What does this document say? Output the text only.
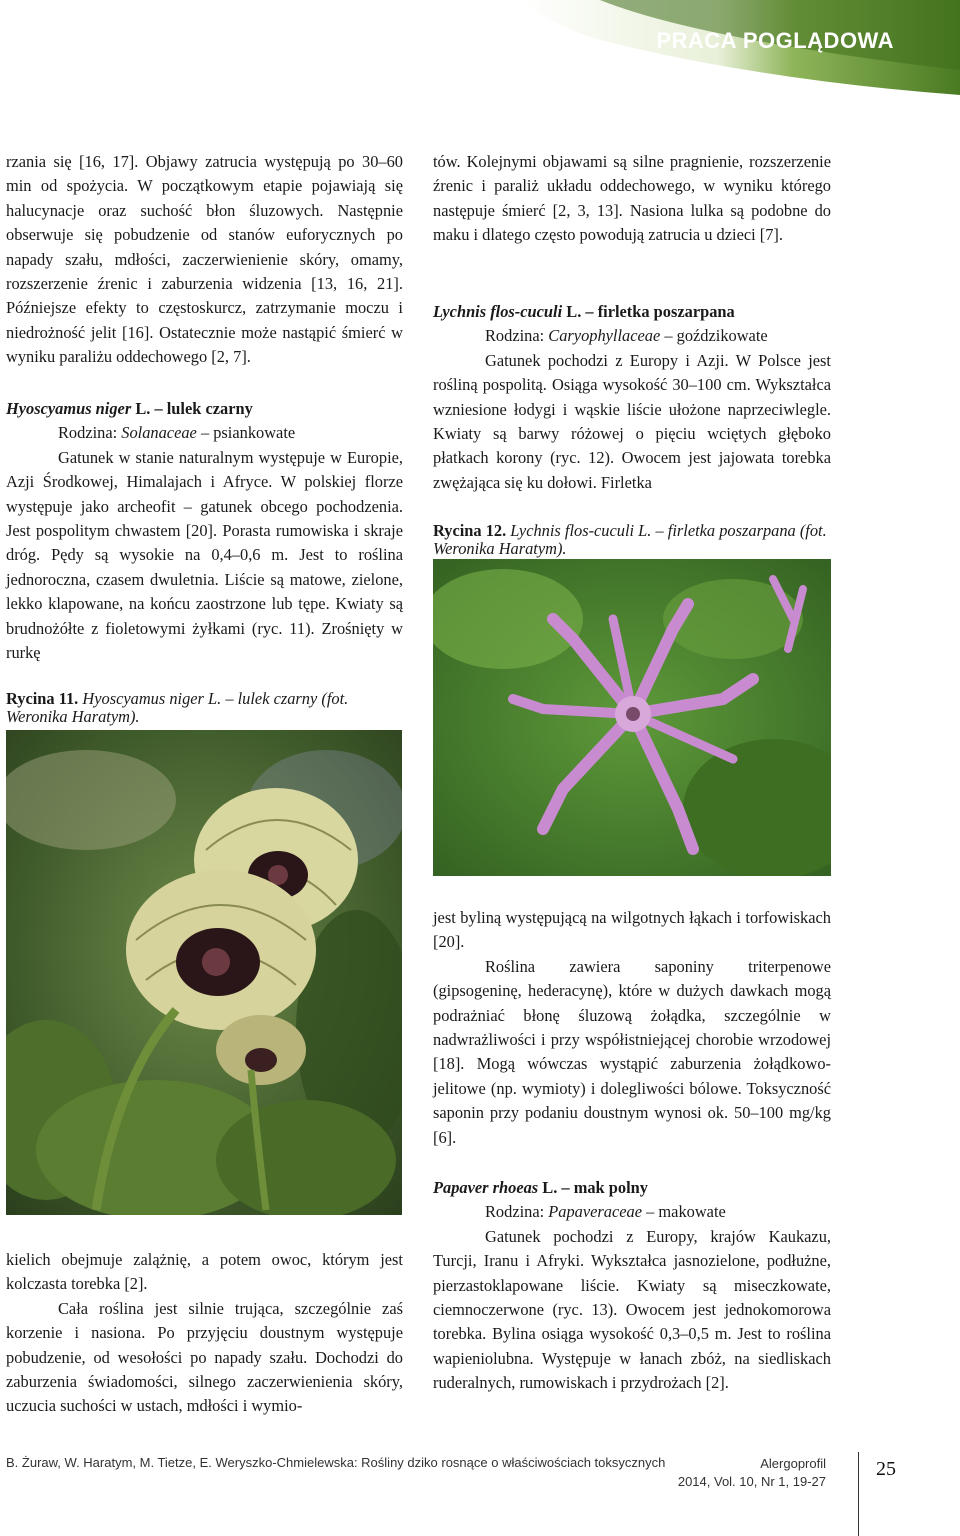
PRACA POGLĄDOWA

rzania się [16, 17]. Objawy zatrucia występują po 30–60 min od spożycia. W początkowym etapie pojawiają się halucynacje oraz suchość błon śluzowych. Następnie obserwuje się pobudzenie od stanów euforycznych po napady szału, mdłości, zaczerwienienie skóry, omamy, rozszerzenie źrenic i zaburzenia widzenia [13, 16, 21]. Późniejsze efekty to częstoskurcz, zatrzymanie moczu i niedrożność jelit [16]. Ostatecznie może nastąpić śmierć w wyniku paraliżu oddechowego [2, 7].

Hyoscyamus niger L. – lulek czarny

Rodzina: Solanaceae – psiankowate

Gatunek w stanie naturalnym występuje w Europie, Azji Środkowej, Himalajach i Afryce. W polskiej florze występuje jako archeofit – gatunek obcego pochodzenia. Jest pospolitym chwastem [20]. Porasta rumowiska i skraje dróg. Pędy są wysokie na 0,4–0,6 m. Jest to roślina jednoroczna, czasem dwuletnia. Liście są matowe, zielone, lekko klapowane, na końcu zaostrzone lub tępe. Kwiaty są brudnożółte z fioletowymi żyłkami (ryc. 11). Zrośnięty w rurkę

Rycina 11. Hyoscyamus niger L. – lulek czarny (fot. Weronika Haratym).

kielich obejmuje zalążnię, a potem owoc, którym jest kolczasta torebka [2].

Cała roślina jest silnie trująca, szczególnie zaś korzenie i nasiona. Po przyjęciu doustnym występuje pobudzenie, od wesołości po napady szału. Dochodzi do zaburzenia świadomości, silnego zaczerwienienia skóry, uczucia suchości w ustach, mdłości i wymio-

tów. Kolejnymi objawami są silne pragnienie, rozszerzenie źrenic i paraliż układu oddechowego, w wyniku którego następuje śmierć [2, 3, 13]. Nasiona lulka są podobne do maku i dlatego często powodują zatrucia u dzieci [7].

Lychnis flos-cuculi L. – firletka poszarpana

Rodzina: Caryophyllaceae – goździkowate

Gatunek pochodzi z Europy i Azji. W Polsce jest rośliną pospolitą. Osiąga wysokość 30–100 cm. Wykształca wzniesione łodygi i wąskie liście ułożone naprzeciwlegle. Kwiaty są barwy różowej o pięciu wciętych głęboko płatkach korony (ryc. 12). Owocem jest jajowata torebka zwężająca się ku dołowi. Firletka

Rycina 12. Lychnis flos-cuculi L. – firletka poszarpana (fot. Weronika Haratym).

jest byliną występującą na wilgotnych łąkach i torfowiskach [20].

Roślina zawiera saponiny triterpenowe (gipsogeninę, hederacynę), które w dużych dawkach mogą podrażniać błonę śluzową żołądka, szczególnie w nadwrażliwości i przy współistniejącej chorobie wrzodowej [18]. Mogą wówczas wystąpić zaburzenia żołądkowo-jelitowe (np. wymioty) i dolegliwości bólowe. Toksyczność saponin przy podaniu doustnym wynosi ok. 50–100 mg/kg [6].

Papaver rhoeas L. – mak polny

Rodzina: Papaveraceae – makowate

Gatunek pochodzi z Europy, krajów Kaukazu, Turcji, Iranu i Afryki. Wykształca jasnozielone, podłużne, pierzastoklapowane liście. Kwiaty są miseczkowate, ciemnoczerwone (ryc. 13). Owocem jest jednokomorowa torebka. Bylina osiąga wysokość 0,3–0,5 m. Jest to roślina wapieniolubna. Występuje w łanach zbóż, na siedliskach ruderalnych, rumowiskach i przydrożach [2].

B. Żuraw, W. Haratym, M. Tietze, E. Weryszko-Chmielewska: Rośliny dziko rosnące o właściwościach toksycznych	Alergoprofil
2014, Vol. 10, Nr 1, 19-27
25
